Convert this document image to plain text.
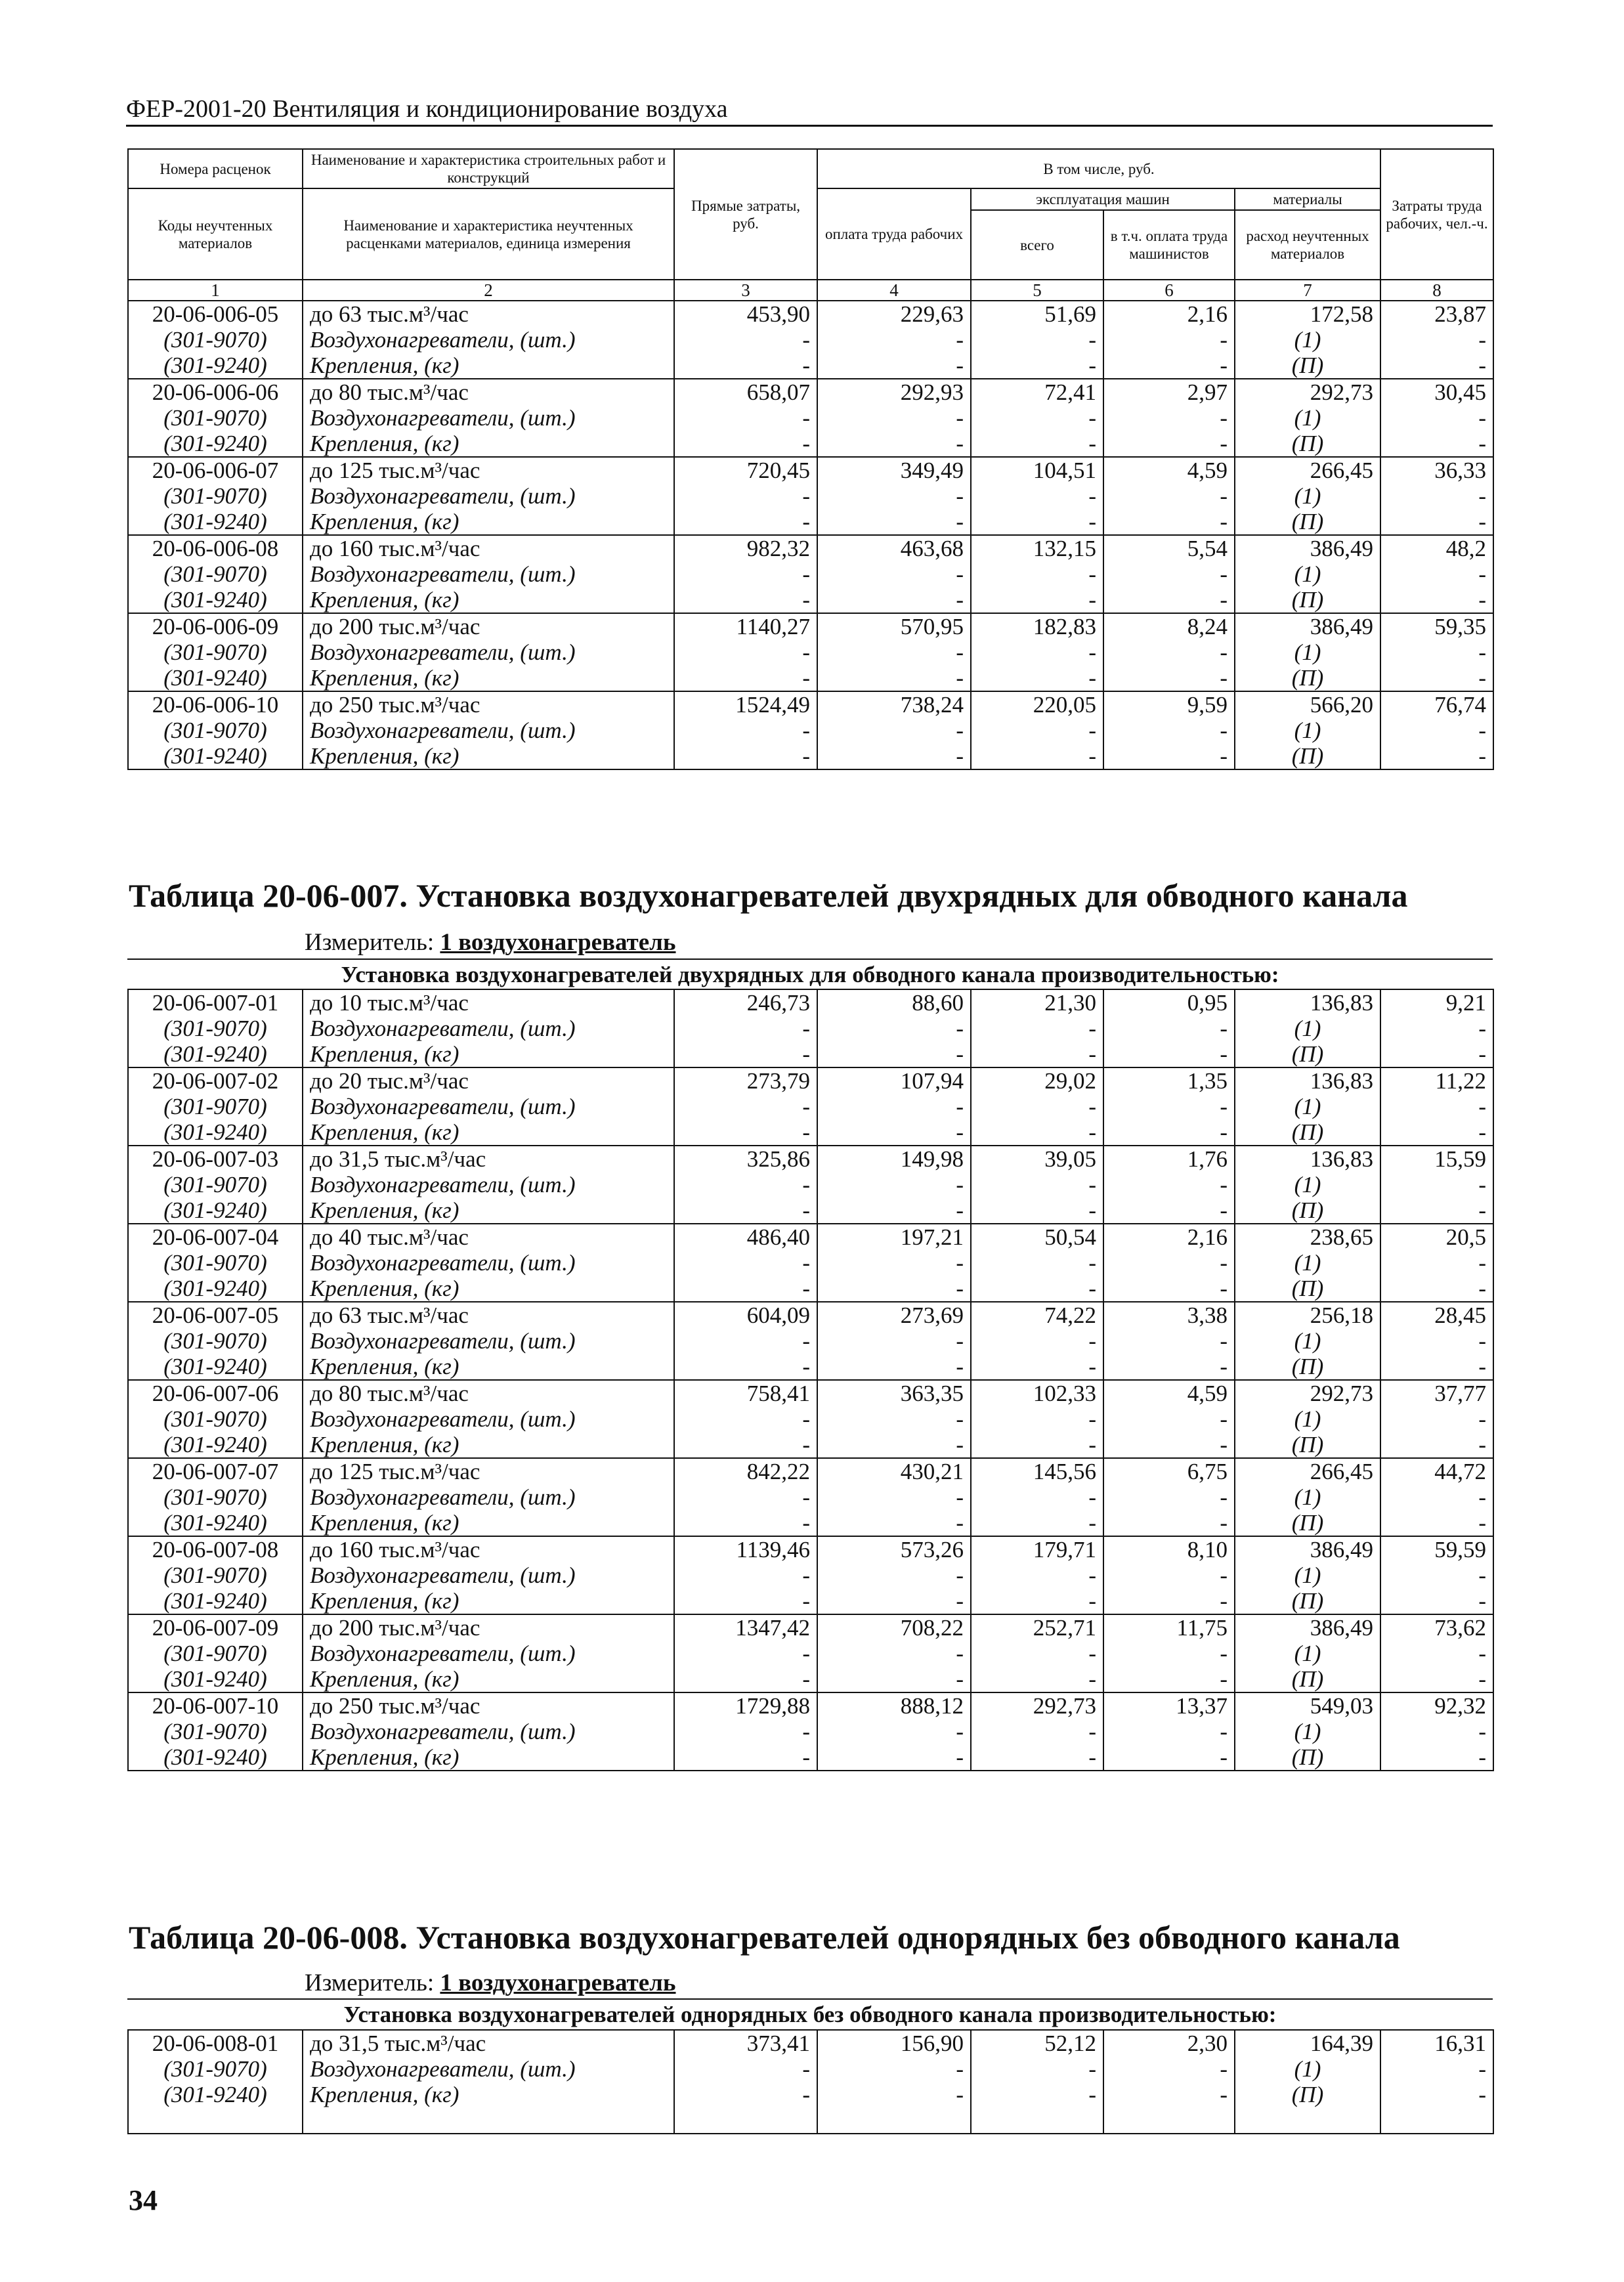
ФЕР-2001-20 Вентиляция и кондиционирование воздуха
Номера расценок	Наименование и характеристика строительных работ и конструкций	Прямые затраты, руб.	В том числе, руб.				Затраты труда рабочих, чел.-ч.
Коды неучтенных материалов	Наименование и характеристика неучтенных расценками материалов, единица измерения		оплата труда рабочих	эксплуатация машин		материалы	
				всего	в т.ч. оплата труда машинистов	расход неучтенных материалов	
1	2	3	4	5	6	7	8
20-06-006-05	до 63 тыс.м³/час	453,90	229,63	51,69	2,16	172,58	23,87
(301-9070)	Воздухонагреватели, (шт.)	-	-	-	-	(1)	-
(301-9240)	Крепления, (кг)	-	-	-	-	(П)	-
20-06-006-06	до 80 тыс.м³/час	658,07	292,93	72,41	2,97	292,73	30,45
(301-9070)	Воздухонагреватели, (шт.)	-	-	-	-	(1)	-
(301-9240)	Крепления, (кг)	-	-	-	-	(П)	-
20-06-006-07	до 125 тыс.м³/час	720,45	349,49	104,51	4,59	266,45	36,33
(301-9070)	Воздухонагреватели, (шт.)	-	-	-	-	(1)	-
(301-9240)	Крепления, (кг)	-	-	-	-	(П)	-
20-06-006-08	до 160 тыс.м³/час	982,32	463,68	132,15	5,54	386,49	48,2
(301-9070)	Воздухонагреватели, (шт.)	-	-	-	-	(1)	-
(301-9240)	Крепления, (кг)	-	-	-	-	(П)	-
20-06-006-09	до 200 тыс.м³/час	1140,27	570,95	182,83	8,24	386,49	59,35
(301-9070)	Воздухонагреватели, (шт.)	-	-	-	-	(1)	-
(301-9240)	Крепления, (кг)	-	-	-	-	(П)	-
20-06-006-10	до 250 тыс.м³/час	1524,49	738,24	220,05	9,59	566,20	76,74
(301-9070)	Воздухонагреватели, (шт.)	-	-	-	-	(1)	-
(301-9240)	Крепления, (кг)	-	-	-	-	(П)	-
Таблица 20-06-007. Установка воздухонагревателей двухрядных для обводного канала
Измеритель: 1 воздухонагреватель
Установка воздухонагревателей двухрядных для обводного канала производительностью:
20-06-007-01	до 10 тыс.м³/час	246,73	88,60	21,30	0,95	136,83	9,21
(301-9070)	Воздухонагреватели, (шт.)	-	-	-	-	(1)	-
(301-9240)	Крепления, (кг)	-	-	-	-	(П)	-
20-06-007-02	до 20 тыс.м³/час	273,79	107,94	29,02	1,35	136,83	11,22
(301-9070)	Воздухонагреватели, (шт.)	-	-	-	-	(1)	-
(301-9240)	Крепления, (кг)	-	-	-	-	(П)	-
20-06-007-03	до 31,5 тыс.м³/час	325,86	149,98	39,05	1,76	136,83	15,59
(301-9070)	Воздухонагреватели, (шт.)	-	-	-	-	(1)	-
(301-9240)	Крепления, (кг)	-	-	-	-	(П)	-
20-06-007-04	до 40 тыс.м³/час	486,40	197,21	50,54	2,16	238,65	20,5
(301-9070)	Воздухонагреватели, (шт.)	-	-	-	-	(1)	-
(301-9240)	Крепления, (кг)	-	-	-	-	(П)	-
20-06-007-05	до 63 тыс.м³/час	604,09	273,69	74,22	3,38	256,18	28,45
(301-9070)	Воздухонагреватели, (шт.)	-	-	-	-	(1)	-
(301-9240)	Крепления, (кг)	-	-	-	-	(П)	-
20-06-007-06	до 80 тыс.м³/час	758,41	363,35	102,33	4,59	292,73	37,77
(301-9070)	Воздухонагреватели, (шт.)	-	-	-	-	(1)	-
(301-9240)	Крепления, (кг)	-	-	-	-	(П)	-
20-06-007-07	до 125 тыс.м³/час	842,22	430,21	145,56	6,75	266,45	44,72
(301-9070)	Воздухонагреватели, (шт.)	-	-	-	-	(1)	-
(301-9240)	Крепления, (кг)	-	-	-	-	(П)	-
20-06-007-08	до 160 тыс.м³/час	1139,46	573,26	179,71	8,10	386,49	59,59
(301-9070)	Воздухонагреватели, (шт.)	-	-	-	-	(1)	-
(301-9240)	Крепления, (кг)	-	-	-	-	(П)	-
20-06-007-09	до 200 тыс.м³/час	1347,42	708,22	252,71	11,75	386,49	73,62
(301-9070)	Воздухонагреватели, (шт.)	-	-	-	-	(1)	-
(301-9240)	Крепления, (кг)	-	-	-	-	(П)	-
20-06-007-10	до 250 тыс.м³/час	1729,88	888,12	292,73	13,37	549,03	92,32
(301-9070)	Воздухонагреватели, (шт.)	-	-	-	-	(1)	-
(301-9240)	Крепления, (кг)	-	-	-	-	(П)	-
Таблица 20-06-008. Установка воздухонагревателей однорядных без обводного канала
Измеритель: 1 воздухонагреватель
Установка воздухонагревателей однорядных без обводного канала производительностью:
20-06-008-01	до 31,5 тыс.м³/час	373,41	156,90	52,12	2,30	164,39	16,31
(301-9070)	Воздухонагреватели, (шт.)	-	-	-	-	(1)	-
(301-9240)	Крепления, (кг)	-	-	-	-	(П)	-

34
